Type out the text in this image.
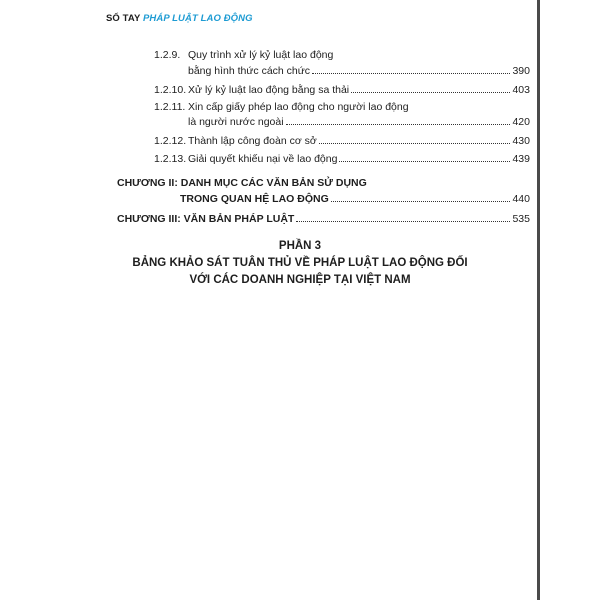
SỔ TAY PHÁP LUẬT LAO ĐỘNG
1.2.9. Quy trình xử lý kỷ luật lao động
bằng hình thức cách chức	390
1.2.10. Xử lý kỷ luật lao động bằng sa thải	403
1.2.11. Xin cấp giấy phép lao động cho người lao động
là người nước ngoài	420
1.2.12. Thành lập công đoàn cơ sở	430
1.2.13. Giải quyết khiếu nại về lao động	439
CHƯƠNG II: DANH MỤC CÁC VĂN BẢN SỬ DỤNG
TRONG QUAN HỆ LAO ĐỘNG	440
CHƯƠNG III: VĂN BẢN PHÁP LUẬT	535
PHẦN 3
BẢNG KHẢO SÁT TUÂN THỦ VỀ PHÁP LUẬT LAO ĐỘNG ĐỐI
VỚI CÁC DOANH NGHIỆP TẠI VIỆT NAM
